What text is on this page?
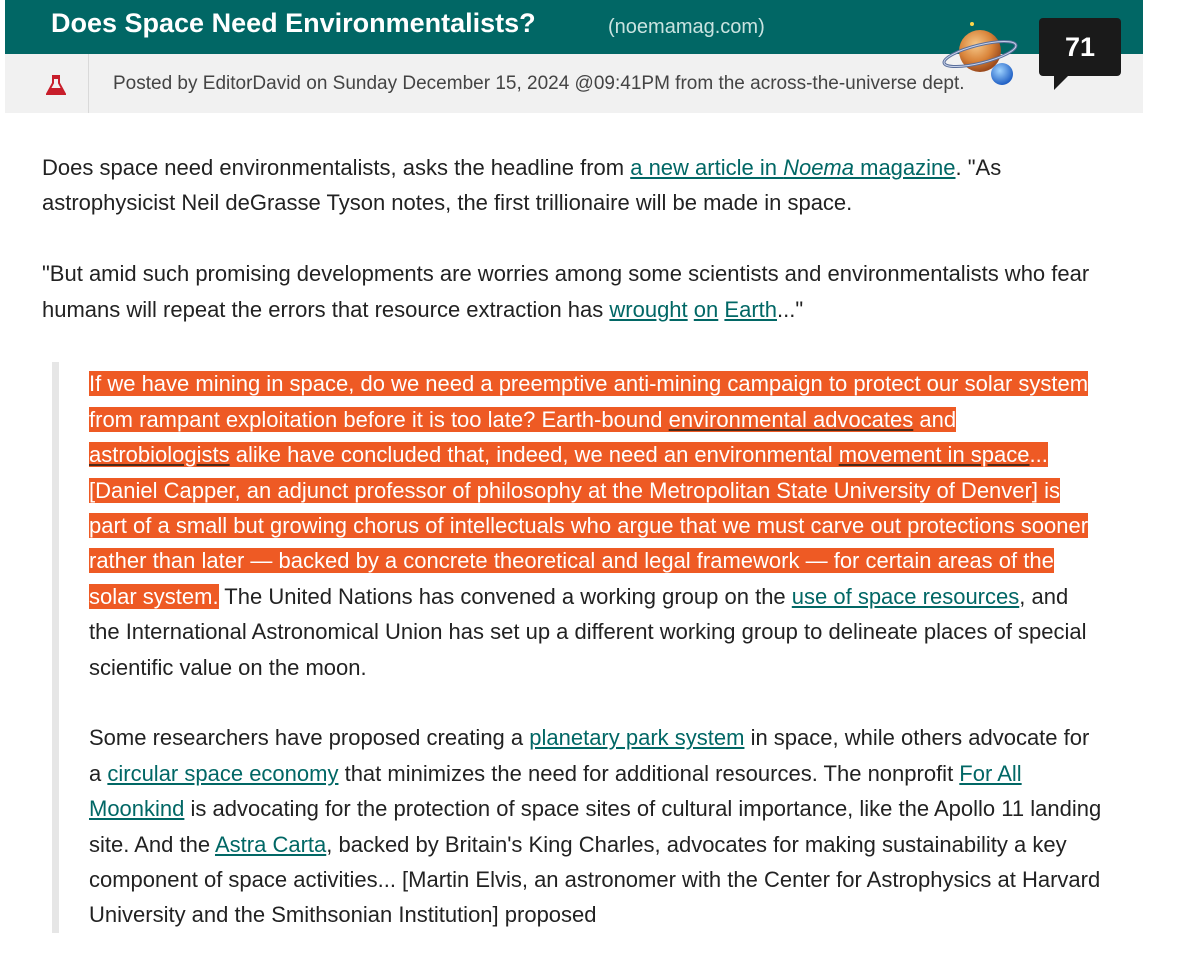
Does Space Need Environmentalists?	(noemamag.com)
Posted by EditorDavid on Sunday December 15, 2024 @09:41PM from the across-the-universe dept.
71

Does space need environmentalists, asks the headline from a new article in Noema magazine. "As astrophysicist Neil deGrasse Tyson notes, the first trillionaire will be made in space.

"But amid such promising developments are worries among some scientists and environmentalists who fear humans will repeat the errors that resource extraction has wrought on Earth..."

If we have mining in space, do we need a preemptive anti-mining campaign to protect our solar system from rampant exploitation before it is too late? Earth-bound environmental advocates and astrobiologists alike have concluded that, indeed, we need an environmental movement in space... [Daniel Capper, an adjunct professor of philosophy at the Metropolitan State University of Denver] is part of a small but growing chorus of intellectuals who argue that we must carve out protections sooner rather than later — backed by a concrete theoretical and legal framework — for certain areas of the solar system. The United Nations has convened a working group on the use of space resources, and the International Astronomical Union has set up a different working group to delineate places of special scientific value on the moon.

Some researchers have proposed creating a planetary park system in space, while others advocate for a circular space economy that minimizes the need for additional resources. The nonprofit For All Moonkind is advocating for the protection of space sites of cultural importance, like the Apollo 11 landing site. And the Astra Carta, backed by Britain's King Charles, advocates for making sustainability a key component of space activities... [Martin Elvis, an astronomer with the Center for Astrophysics at Harvard University and the Smithsonian Institution] proposed
